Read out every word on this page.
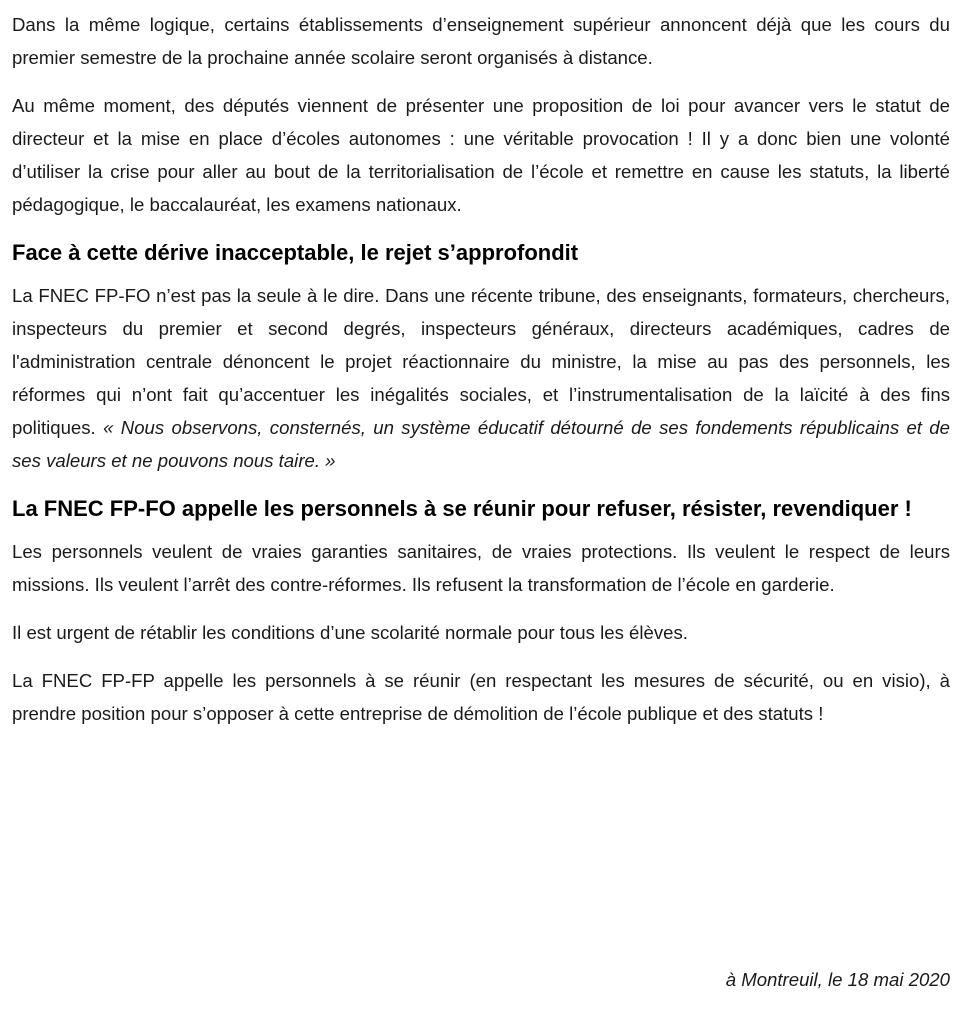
Dans la même logique, certains établissements d’enseignement supérieur annoncent déjà que les cours du premier semestre de la prochaine année scolaire seront organisés à distance.

Au même moment, des députés viennent de présenter une proposition de loi pour avancer vers le statut de directeur et la mise en place d’écoles autonomes : une véritable provocation ! Il y a donc bien une volonté d’utiliser la crise pour aller au bout de la territorialisation de l’école et remettre en cause les statuts, la liberté pédagogique, le baccalauréat, les examens nationaux.

Face à cette dérive inacceptable, le rejet s’approfondit

La FNEC FP-FO n’est pas la seule à le dire. Dans une récente tribune, des enseignants, formateurs, chercheurs, inspecteurs du premier et second degrés, inspecteurs généraux, directeurs académiques, cadres de l'administration centrale dénoncent le projet réactionnaire du ministre, la mise au pas des personnels, les réformes qui n’ont fait qu’accentuer les inégalités sociales, et l’instrumentalisation de la laïcité à des fins politiques. « Nous observons, consternés, un système éducatif détourné de ses fondements républicains et de ses valeurs et ne pouvons nous taire. »

La FNEC FP-FO appelle les personnels à se réunir pour refuser, résister, revendiquer !

Les personnels veulent de vraies garanties sanitaires, de vraies protections. Ils veulent le respect de leurs missions. Ils veulent l’arrêt des contre-réformes. Ils refusent la transformation de l’école en garderie.

Il est urgent de rétablir les conditions d’une scolarité normale pour tous les élèves.

La FNEC FP-FP appelle les personnels à se réunir (en respectant les mesures de sécurité, ou en visio), à prendre position pour s’opposer à cette entreprise de démolition de l’école publique et des statuts !

à Montreuil, le 18 mai 2020
